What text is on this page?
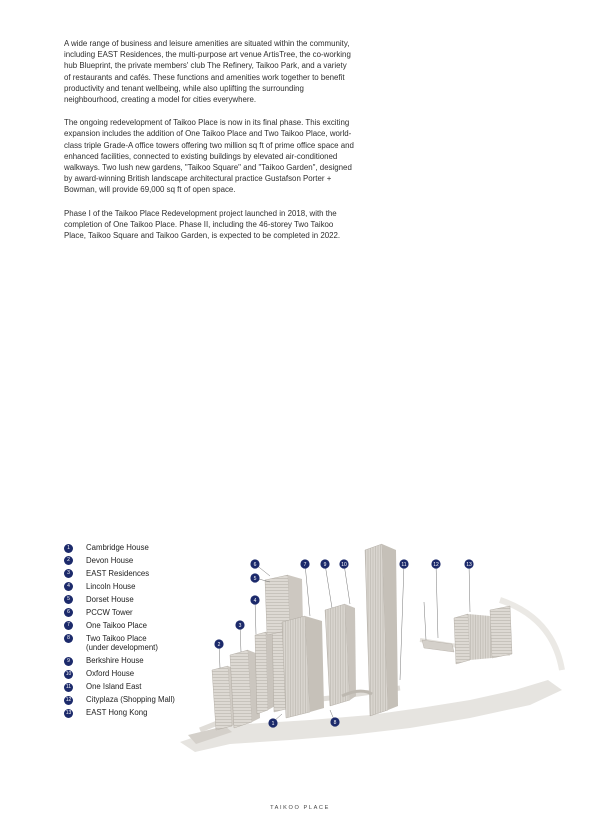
A wide range of business and leisure amenities are situated within the community, including EAST Residences, the multi-purpose art venue ArtisTree, the co-working hub Blueprint, the private members' club The Refinery, Taikoo Park, and a variety of restaurants and cafés. These functions and amenities work together to benefit productivity and tenant wellbeing, while also uplifting the surrounding neighbourhood, creating a model for cities everywhere.

The ongoing redevelopment of Taikoo Place is now in its final phase. This exciting expansion includes the addition of One Taikoo Place and Two Taikoo Place, world-class triple Grade-A office towers offering two million sq ft of prime office space and enhanced facilities, connected to existing buildings by elevated air-conditioned walkways. Two lush new gardens, "Taikoo Square" and "Taikoo Garden", designed by award-winning British landscape architectural practice Gustafson Porter + Bowman, will provide 69,000 sq ft of open space.

Phase I of the Taikoo Place Redevelopment project launched in 2018, with the completion of One Taikoo Place. Phase II, including the 46-storey Two Taikoo Place, Taikoo Square and Taikoo Garden, is expected to be completed in 2022.

1	Cambridge House
2	Devon House
3	EAST Residences
4	Lincoln House
5	Dorset House
6	PCCW Tower
7	One Taikoo Place
8	Two Taikoo Place
(under development)
9	Berkshire House
10 Oxford House
11 One Island East
12 Cityplaza (Shopping Mall)
13 EAST Hong Kong
1
2
3
4
5
6	7
8
9	10	11	12	13
TAIKOO PLACE
